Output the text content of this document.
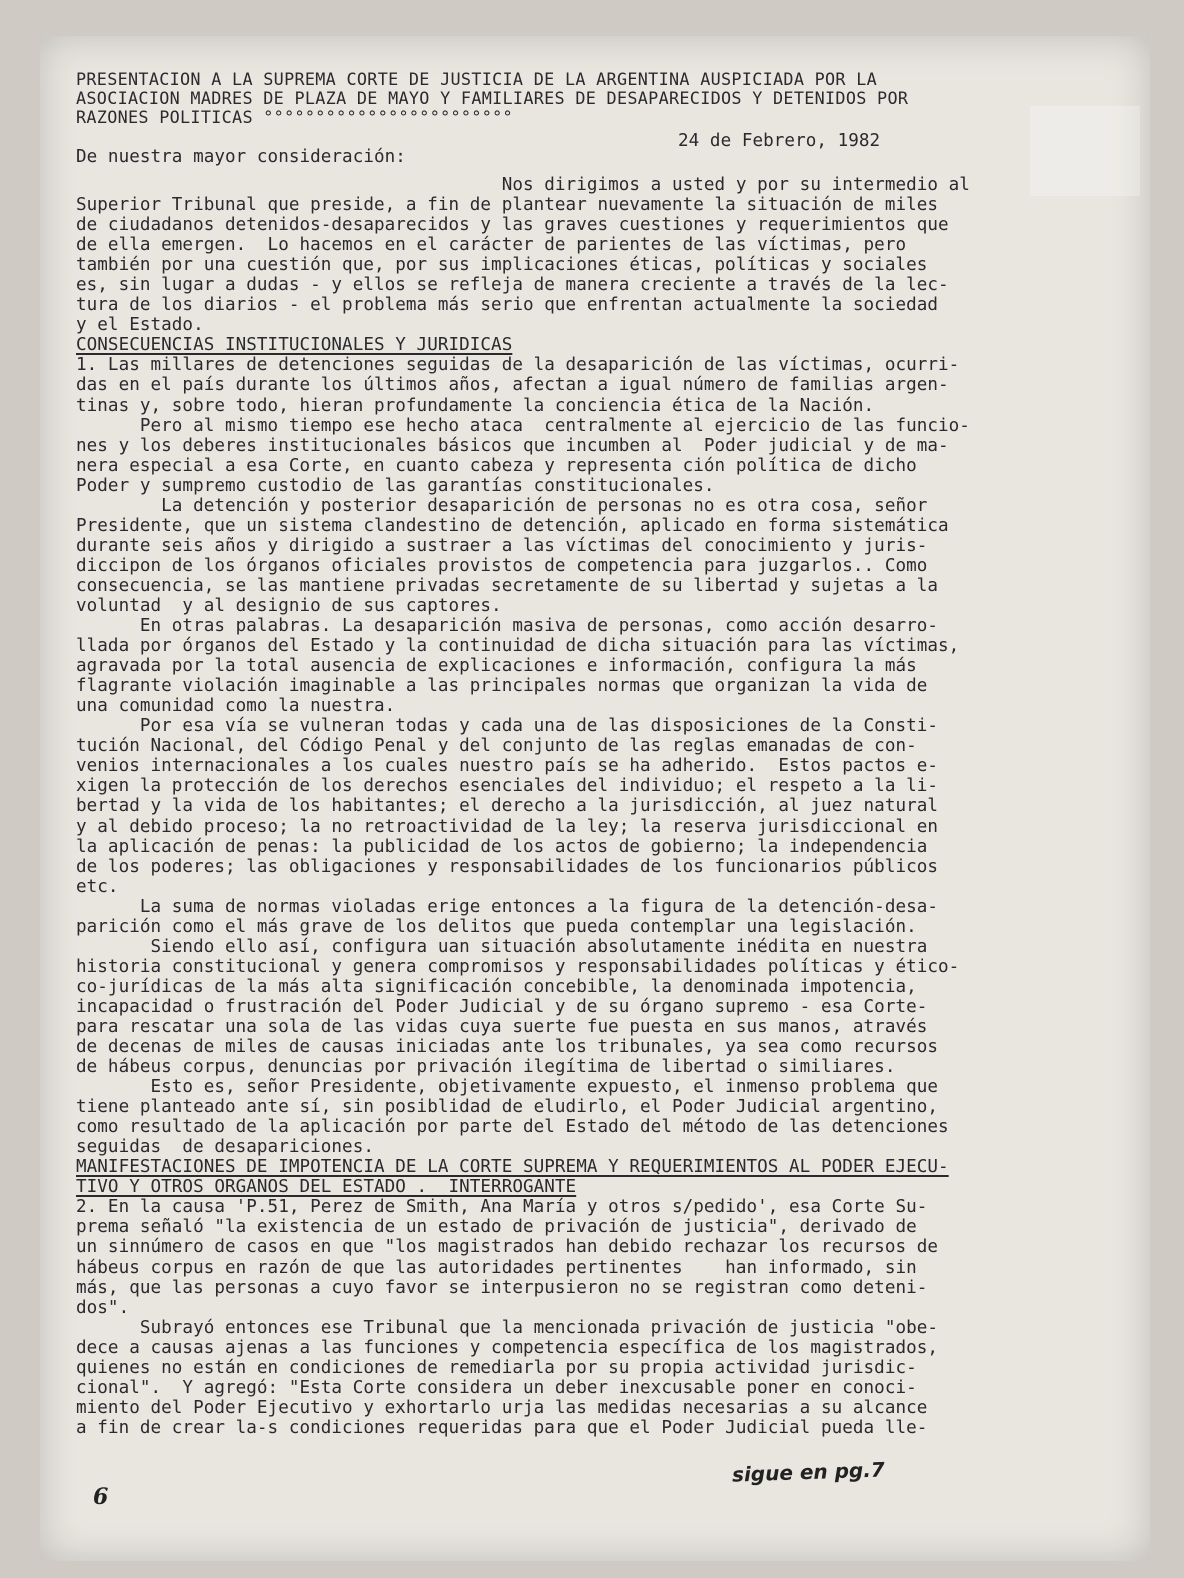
PRESENTACION A LA SUPREMA CORTE DE JUSTICIA DE LA ARGENTINA AUSPICIADA POR LA
ASOCIACION MADRES DE PLAZA DE MAYO Y FAMILIARES DE DESAPARECIDOS Y DETENIDOS POR
RAZONES POLITICAS °°°°°°°°°°°°°°°°°°°°°°°°
24 de Febrero, 1982
De nuestra mayor consideración:
Nos dirigimos a usted y por su intermedio al
Superior Tribunal que preside, a fin de plantear nuevamente la situación de miles
de ciudadanos detenidos-desaparecidos y las graves cuestiones y requerimientos que
de ella emergen.  Lo hacemos en el carácter de parientes de las víctimas, pero
también por una cuestión que, por sus implicaciones éticas, políticas y sociales
es, sin lugar a dudas - y ellos se refleja de manera creciente a través de la lec-
tura de los diarios - el problema más serio que enfrentan actualmente la sociedad
y el Estado.
CONSECUENCIAS INSTITUCIONALES Y JURIDICAS
1. Las millares de detenciones seguidas de la desaparición de las víctimas, ocurri-
das en el país durante los últimos años, afectan a igual número de familias argen-
tinas y, sobre todo, hieran profundamente la conciencia ética de la Nación.
Pero al mismo tiempo ese hecho ataca  centralmente al ejercicio de las funcio-
nes y los deberes institucionales básicos que incumben al  Poder judicial y de ma-
nera especial a esa Corte, en cuanto cabeza y representa ción política de dicho
Poder y sumpremo custodio de las garantías constitucionales.
La detención y posterior desaparición de personas no es otra cosa, señor
Presidente, que un sistema clandestino de detención, aplicado en forma sistemática
durante seis años y dirigido a sustraer a las víctimas del conocimiento y juris-
diccipon de los órganos oficiales provistos de competencia para juzgarlos.. Como
consecuencia, se las mantiene privadas secretamente de su libertad y sujetas a la
voluntad  y al designio de sus captores.
En otras palabras. La desaparición masiva de personas, como acción desarro-
llada por órganos del Estado y la continuidad de dicha situación para las víctimas,
agravada por la total ausencia de explicaciones e información, configura la más
flagrante violación imaginable a las principales normas que organizan la vida de
una comunidad como la nuestra.
Por esa vía se vulneran todas y cada una de las disposiciones de la Consti-
tución Nacional, del Código Penal y del conjunto de las reglas emanadas de con-
venios internacionales a los cuales nuestro país se ha adherido.  Estos pactos e-
xigen la protección de los derechos esenciales del individuo; el respeto a la li-
bertad y la vida de los habitantes; el derecho a la jurisdicción, al juez natural
y al debido proceso; la no retroactividad de la ley; la reserva jurisdiccional en
la aplicación de penas: la publicidad de los actos de gobierno; la independencia
de los poderes; las obligaciones y responsabilidades de los funcionarios públicos
etc.
La suma de normas violadas erige entonces a la figura de la detención-desa-
parición como el más grave de los delitos que pueda contemplar una legislación.
Siendo ello así, configura uan situación absolutamente inédita en nuestra
historia constitucional y genera compromisos y responsabilidades políticas y ético-
co-jurídicas de la más alta significación concebible, la denominada impotencia,
incapacidad o frustración del Poder Judicial y de su órgano supremo - esa Corte-
para rescatar una sola de las vidas cuya suerte fue puesta en sus manos, através
de decenas de miles de causas iniciadas ante los tribunales, ya sea como recursos
de hábeus corpus, denuncias por privación ilegítima de libertad o similiares.
Esto es, señor Presidente, objetivamente expuesto, el inmenso problema que
tiene planteado ante sí, sin posiblidad de eludirlo, el Poder Judicial argentino,
como resultado de la aplicación por parte del Estado del método de las detenciones
seguidas  de desapariciones.
MANIFESTACIONES DE IMPOTENCIA DE LA CORTE SUPREMA Y REQUERIMIENTOS AL PODER EJECU-
TIVO Y OTROS ORGANOS DEL ESTADO .  INTERROGANTE
2. En la causa 'P.51, Perez de Smith, Ana María y otros s/pedido', esa Corte Su-
prema señaló "la existencia de un estado de privación de justicia", derivado de
un sinnúmero de casos en que "los magistrados han debido rechazar los recursos de
hábeus corpus en razón de que las autoridades pertinentes    han informado, sin
más, que las personas a cuyo favor se interpusieron no se registran como deteni-
dos".
Subrayó entonces ese Tribunal que la mencionada privación de justicia "obe-
dece a causas ajenas a las funciones y competencia específica de los magistrados,
quienes no están en condiciones de remediarla por su propia actividad jurisdic-
cional".  Y agregó: "Esta Corte considera un deber inexcusable poner en conoci-
miento del Poder Ejecutivo y exhortarlo urja las medidas necesarias a su alcance
a fin de crear la-s condiciones requeridas para que el Poder Judicial pueda lle-
sigue en pg.7
6
